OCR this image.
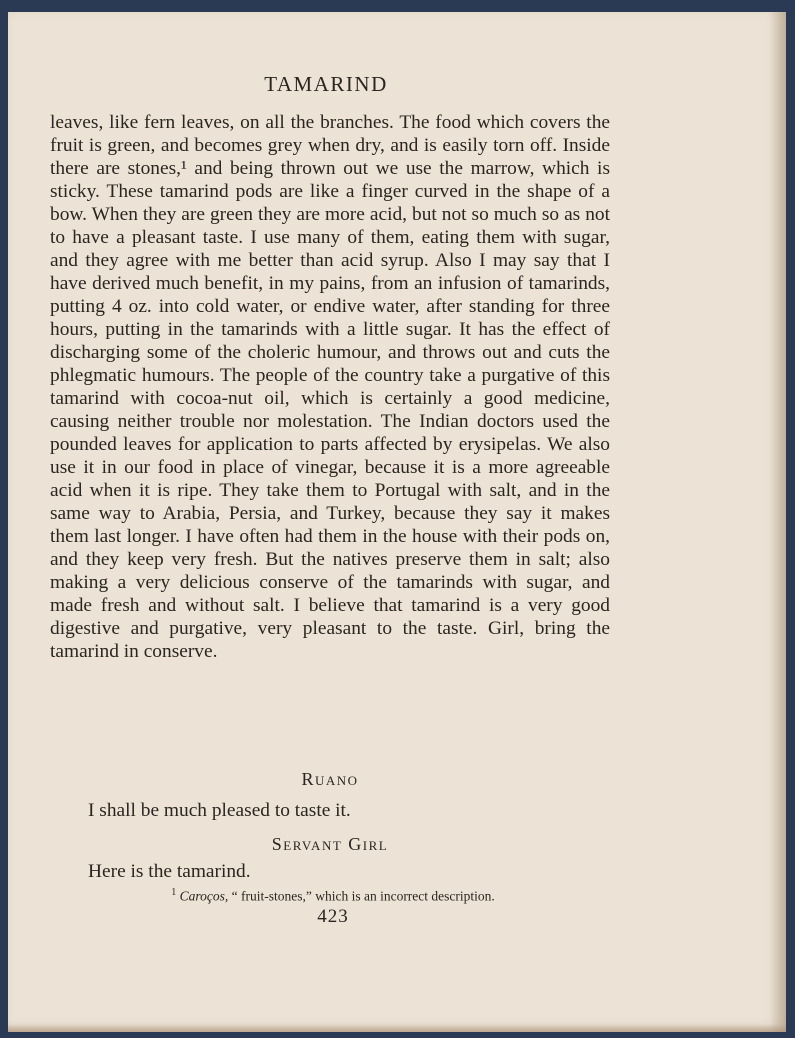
TAMARIND

leaves, like fern leaves, on all the branches. The food which covers the fruit is green, and becomes grey when dry, and is easily torn off. Inside there are stones,¹ and being thrown out we use the marrow, which is sticky. These tamarind pods are like a finger curved in the shape of a bow. When they are green they are more acid, but not so much so as not to have a pleasant taste. I use many of them, eating them with sugar, and they agree with me better than acid syrup. Also I may say that I have derived much benefit, in my pains, from an infusion of tamarinds, putting 4 oz. into cold water, or endive water, after standing for three hours, putting in the tamarinds with a little sugar. It has the effect of discharging some of the choleric humour, and throws out and cuts the phlegmatic humours. The people of the country take a purgative of this tamarind with cocoa-nut oil, which is certainly a good medicine, causing neither trouble nor molestation. The Indian doctors used the pounded leaves for application to parts affected by erysipelas. We also use it in our food in place of vinegar, because it is a more agreeable acid when it is ripe. They take them to Portugal with salt, and in the same way to Arabia, Persia, and Turkey, because they say it makes them last longer. I have often had them in the house with their pods on, and they keep very fresh. But the natives preserve them in salt; also making a very delicious conserve of the tamarinds with sugar, and made fresh and without salt. I believe that tamarind is a very good digestive and purgative, very pleasant to the taste. Girl, bring the tamarind in conserve.

Ruano
I shall be much pleased to taste it.
Servant Girl
Here is the tamarind.
$^1$ Caroços, “ fruit-stones,” which is an incorrect description.
423
